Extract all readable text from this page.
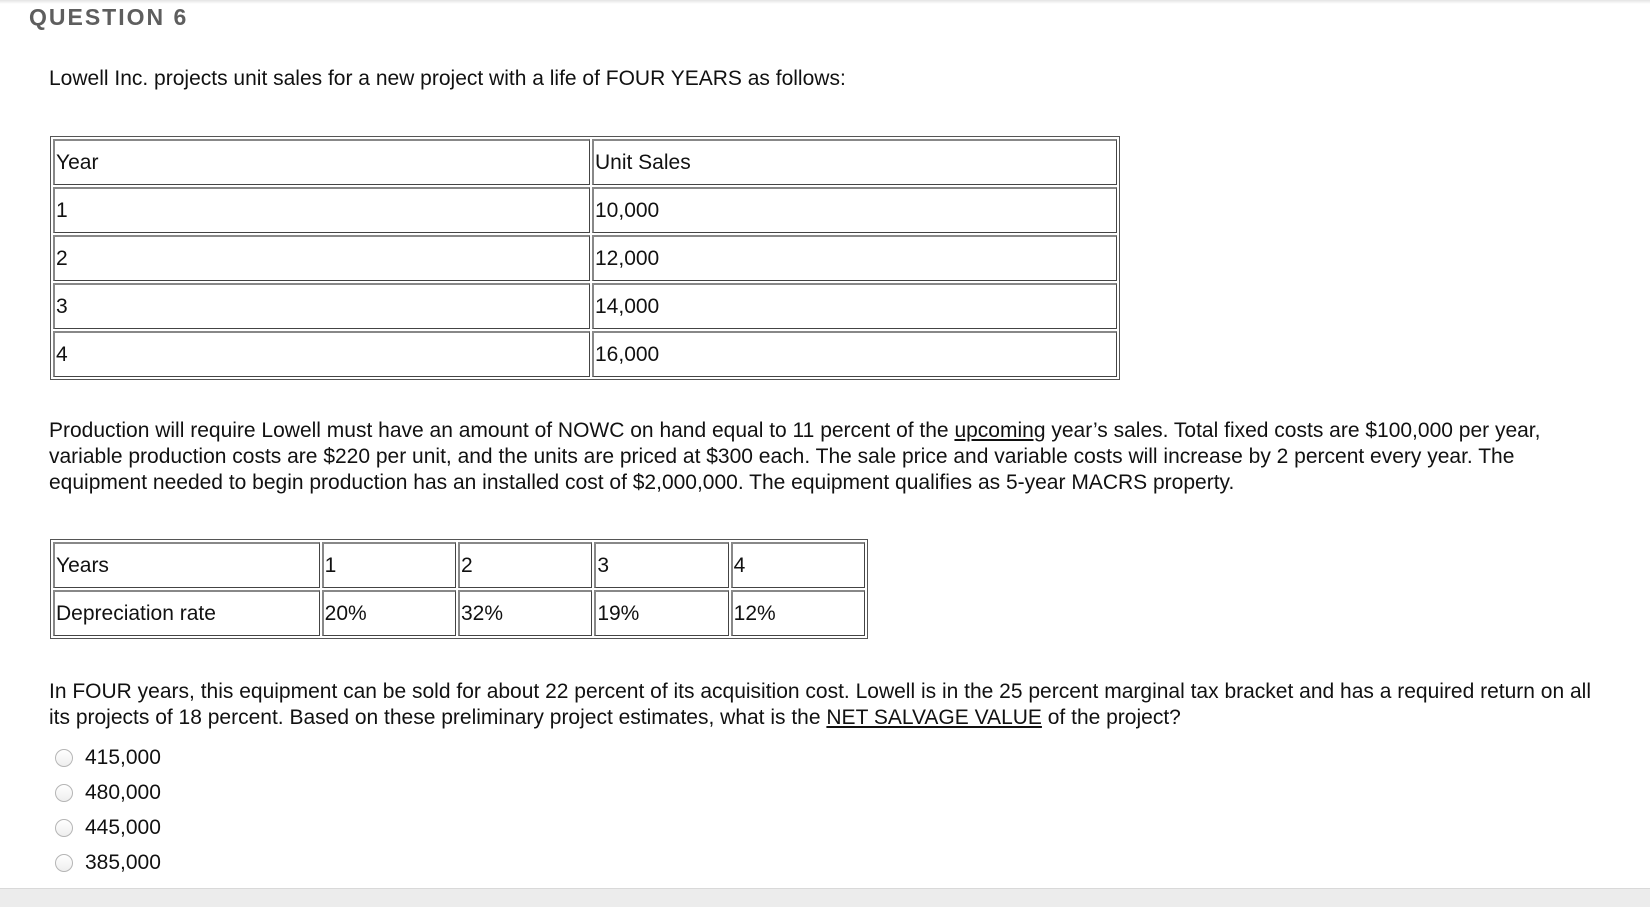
QUESTION 6
Lowell Inc. projects unit sales for a new project with a life of FOUR YEARS as follows:
Year	Unit Sales
1	10,000
2	12,000
3	14,000
4	16,000
Production will require Lowell must have an amount of NOWC on hand equal to 11 percent of the upcoming year’s sales. Total fixed costs are $100,000 per year, variable production costs are $220 per unit, and the units are priced at $300 each. The sale price and variable costs will increase by 2 percent every year. The equipment needed to begin production has an installed cost of $2,000,000. The equipment qualifies as 5-year MACRS property.
Years	1	2	3	4
Depreciation rate	20%	32%	19%	12%
In FOUR years, this equipment can be sold for about 22 percent of its acquisition cost. Lowell is in the 25 percent marginal tax bracket and has a required return on all its projects of 18 percent. Based on these preliminary project estimates, what is the NET SALVAGE VALUE of the project?
415,000
480,000
445,000
385,000
